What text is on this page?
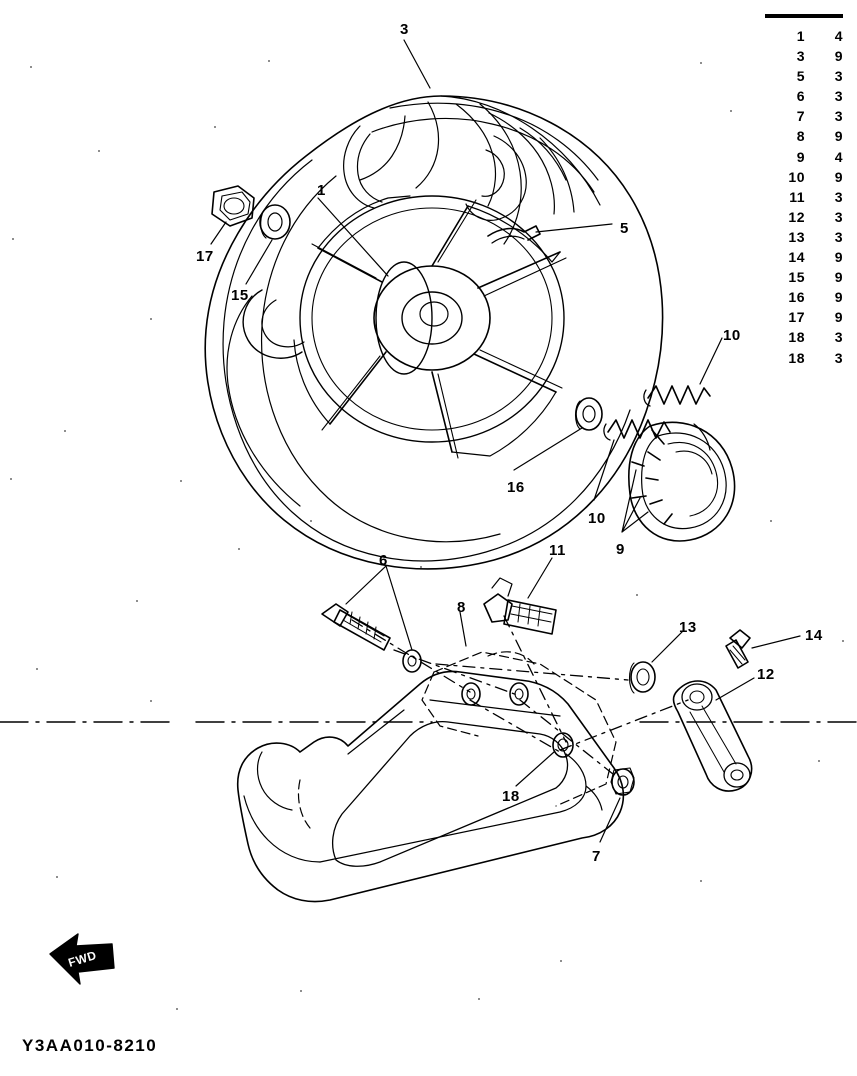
FWD
3
1
5
17
15
10
16
10
9
6
11
8
13	14
12
18
7
1	4
3	9
5	3
6	3
7	3
8	9
9	4
10	9
11	3
12	3
13	3
14	9
15	9
16	9
17	9
18	3
18	3
Y3AA010-8210
